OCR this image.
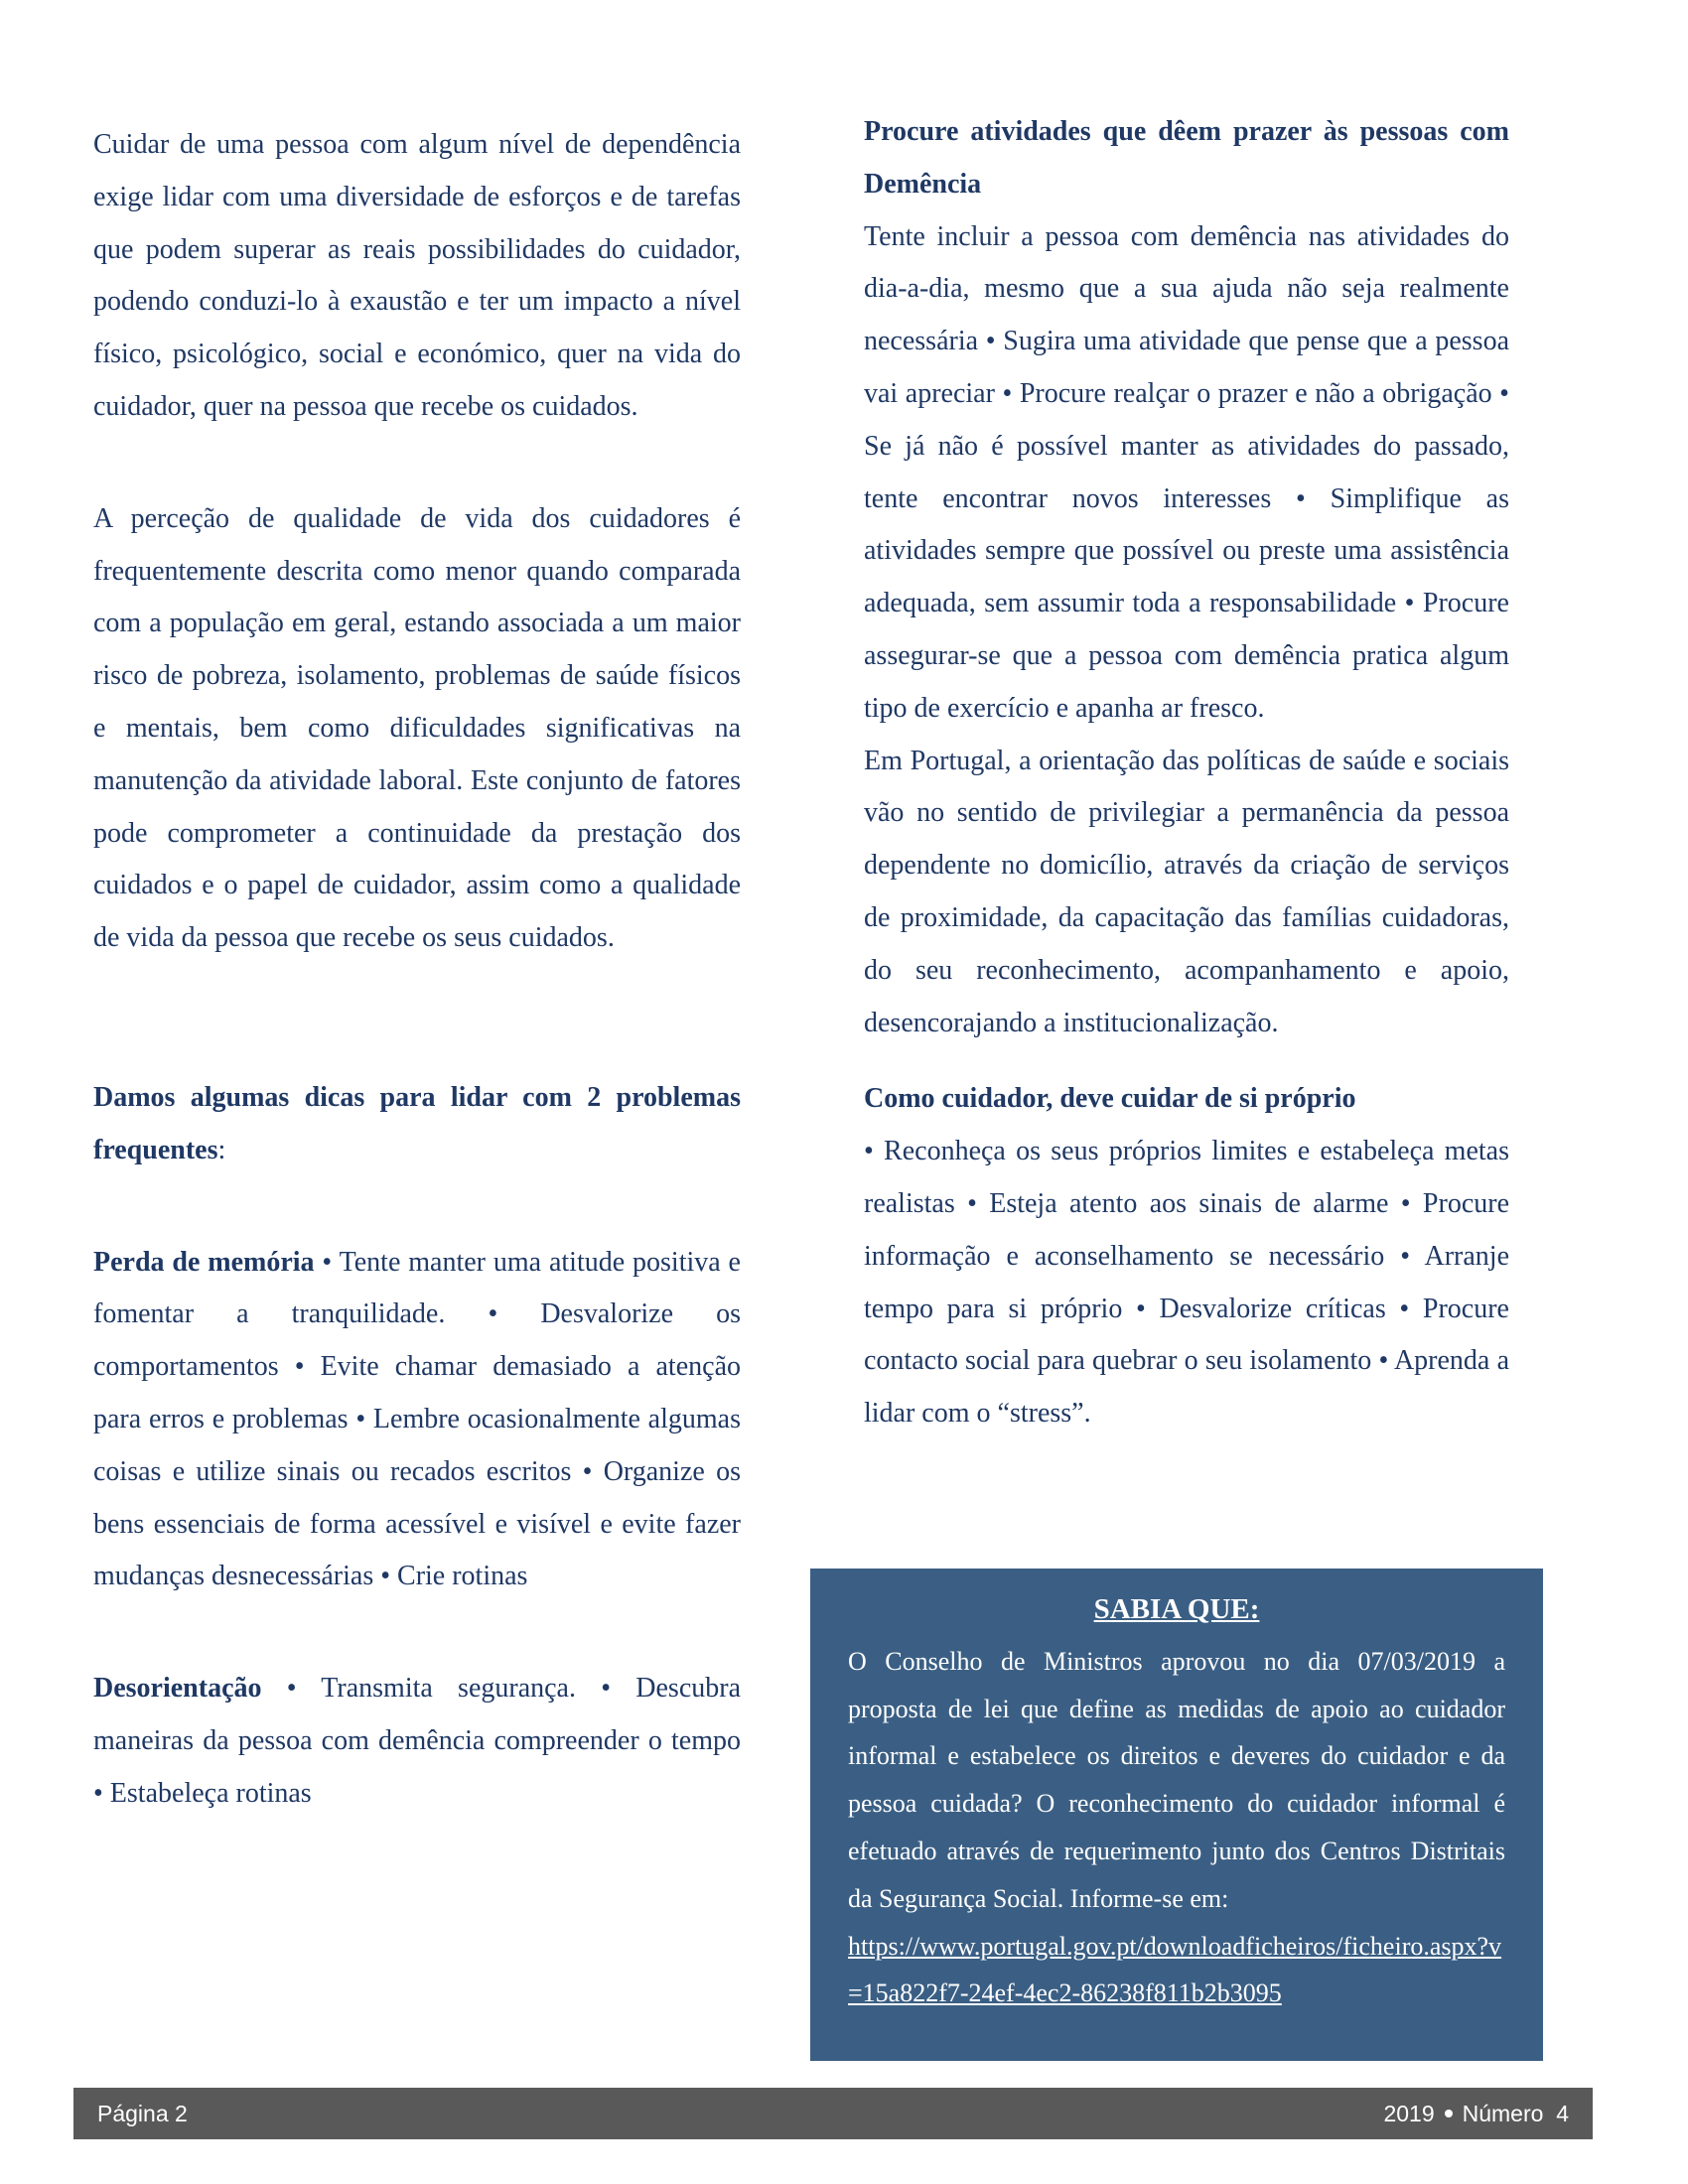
Cuidar de uma pessoa com algum nível de dependência exige lidar com uma diversidade de esforços e de tarefas que podem superar as reais possibilidades do cuidador, podendo conduzi-lo à exaustão e ter um impacto a nível físico, psicológico, social e económico, quer na vida do cuidador, quer na pessoa que recebe os cuidados.

A perceção de qualidade de vida dos cuidadores é frequentemente descrita como menor quando comparada com a população em geral, estando associada a um maior risco de pobreza, isolamento, problemas de saúde físicos e mentais, bem como dificuldades significativas na manutenção da atividade laboral. Este conjunto de fatores pode comprometer a continuidade da prestação dos cuidados e o papel de cuidador, assim como a qualidade de vida da pessoa que recebe os seus cuidados.

Damos algumas dicas para lidar com 2 problemas frequentes:

Perda de memória • Tente manter uma atitude positiva e fomentar a tranquilidade. • Desvalorize os comportamentos • Evite chamar demasiado a atenção para erros e problemas • Lembre ocasionalmente algumas coisas e utilize sinais ou recados escritos • Organize os bens essenciais de forma acessível e visível e evite fazer mudanças desnecessárias • Crie rotinas

Desorientação • Transmita segurança. • Descubra maneiras da pessoa com demência compreender o tempo • Estabeleça rotinas

Procure atividades que dêem prazer às pessoas com Demência

Tente incluir a pessoa com demência nas atividades do dia-a-dia, mesmo que a sua ajuda não seja realmente necessária • Sugira uma atividade que pense que a pessoa vai apreciar • Procure realçar o prazer e não a obrigação • Se já não é possível manter as atividades do passado, tente encontrar novos interesses • Simplifique as atividades sempre que possível ou preste uma assistência adequada, sem assumir toda a responsabilidade • Procure assegurar-se que a pessoa com demência pratica algum tipo de exercício e apanha ar fresco.

Em Portugal, a orientação das políticas de saúde e sociais vão no sentido de privilegiar a permanência da pessoa dependente no domicílio, através da criação de serviços de proximidade, da capacitação das famílias cuidadoras, do seu reconhecimento, acompanhamento e apoio, desencorajando a institucionalização.

Como cuidador, deve cuidar de si próprio

• Reconheça os seus próprios limites e estabeleça metas realistas • Esteja atento aos sinais de alarme • Procure informação e aconselhamento se necessário • Arranje tempo para si próprio • Desvalorize críticas • Procure contacto social para quebrar o seu isolamento • Aprenda a lidar com o “stress”.

SABIA QUE:

O Conselho de Ministros aprovou no dia 07/03/2019 a proposta de lei que define as medidas de apoio ao cuidador informal e estabelece os direitos e deveres do cuidador e da pessoa cuidada? O reconhecimento do cuidador informal é efetuado através de requerimento junto dos Centros Distritais da Segurança Social. Informe-se em:

https://www.portugal.gov.pt/downloadficheiros/ficheiro.aspx?v=15a822f7-24ef-4ec2-86238f811b2b3095
Página 2	2019 Número  4
